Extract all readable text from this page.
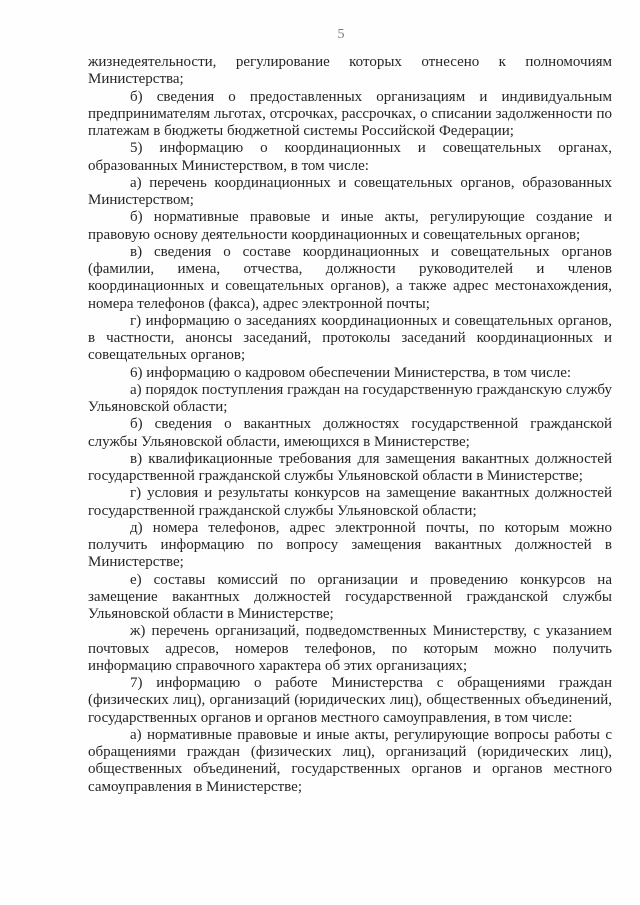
5

жизнедеятельности, регулирование которых отнесено к полномочиям Министерства;

б) сведения о предоставленных организациям и индивидуальным предпринимателям льготах, отсрочках, рассрочках, о списании задолженности по платежам в бюджеты бюджетной системы Российской Федерации;

5) информацию о координационных и совещательных органах, образованных Министерством, в том числе:

а) перечень координационных и совещательных органов, образованных Министерством;

б) нормативные правовые и иные акты, регулирующие создание и правовую основу деятельности координационных и совещательных органов;

в) сведения о составе координационных и совещательных органов (фамилии, имена, отчества, должности руководителей и членов координационных и совещательных органов), а также адрес местонахождения, номера телефонов (факса), адрес электронной почты;

г) информацию о заседаниях координационных и совещательных органов, в частности, анонсы заседаний, протоколы заседаний координационных и совещательных органов;

6) информацию о кадровом обеспечении Министерства, в том числе:

а) порядок поступления граждан на государственную гражданскую службу Ульяновской области;

б) сведения о вакантных должностях государственной гражданской службы Ульяновской области, имеющихся в Министерстве;

в) квалификационные требования для замещения вакантных должностей государственной гражданской службы Ульяновской области в Министерстве;

г) условия и результаты конкурсов на замещение вакантных должностей государственной гражданской службы Ульяновской области;

д) номера телефонов, адрес электронной почты, по которым можно получить информацию по вопросу замещения вакантных должностей в Министерстве;

е) составы комиссий по организации и проведению конкурсов на замещение вакантных должностей государственной гражданской службы Ульяновской области в Министерстве;

ж) перечень организаций, подведомственных Министерству, с указанием почтовых адресов, номеров телефонов, по которым можно получить информацию справочного характера об этих организациях;

7) информацию о работе Министерства с обращениями граждан (физических лиц), организаций (юридических лиц), общественных объединений, государственных органов и органов местного самоуправления, в том числе:

а) нормативные правовые и иные акты, регулирующие вопросы работы с обращениями граждан (физических лиц), организаций (юридических лиц), общественных объединений, государственных органов и органов местного самоуправления в Министерстве;
